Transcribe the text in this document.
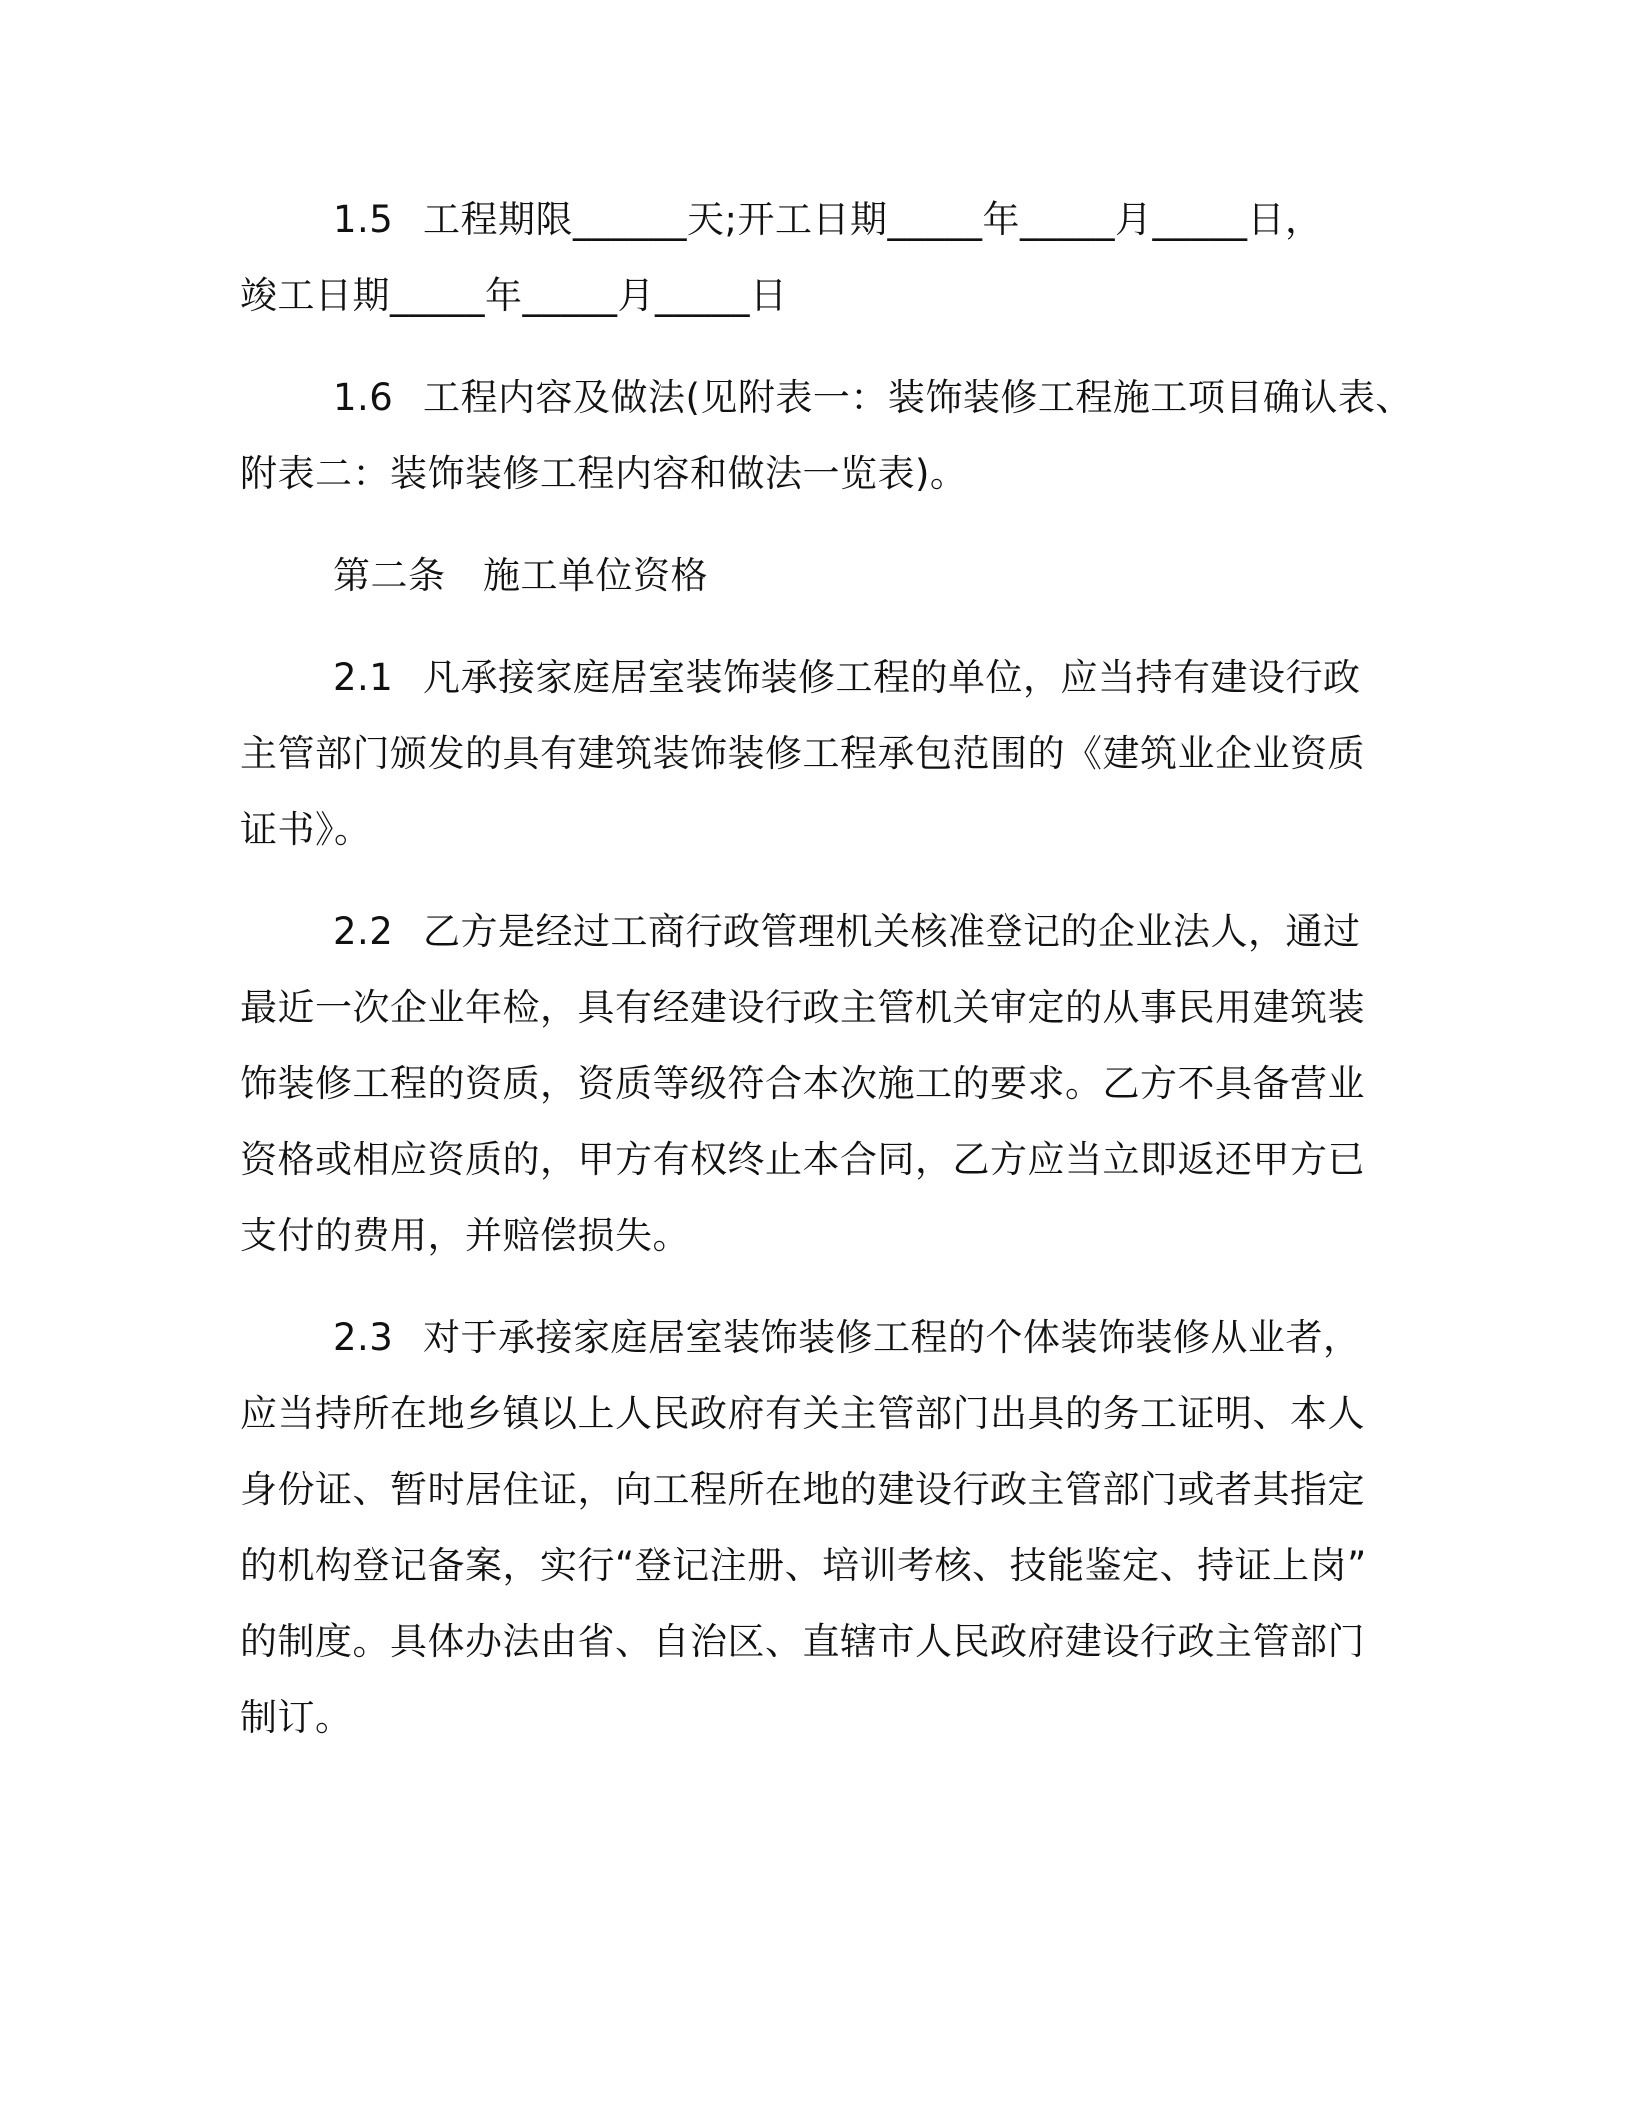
1.5 工程期限______天;开工日期_____年_____月_____日，
竣工日期_____年_____月_____日
1.6 工程内容及做法(见附表一：装饰装修工程施工项目确认表、
附表二：装饰装修工程内容和做法一览表)。
第二条　施工单位资格
2.1 凡承接家庭居室装饰装修工程的单位，应当持有建设行政
主管部门颁发的具有建筑装饰装修工程承包范围的《建筑业企业资质
证书》。
2.2 乙方是经过工商行政管理机关核准登记的企业法人，通过
最近一次企业年检，具有经建设行政主管机关审定的从事民用建筑装
饰装修工程的资质，资质等级符合本次施工的要求。乙方不具备营业
资格或相应资质的，甲方有权终止本合同，乙方应当立即返还甲方已
支付的费用，并赔偿损失。
2.3 对于承接家庭居室装饰装修工程的个体装饰装修从业者，
应当持所在地乡镇以上人民政府有关主管部门出具的务工证明、本人
身份证、暂时居住证，向工程所在地的建设行政主管部门或者其指定
的机构登记备案，实行“登记注册、培训考核、技能鉴定、持证上岗”
的制度。具体办法由省、自治区、直辖市人民政府建设行政主管部门
制订。
